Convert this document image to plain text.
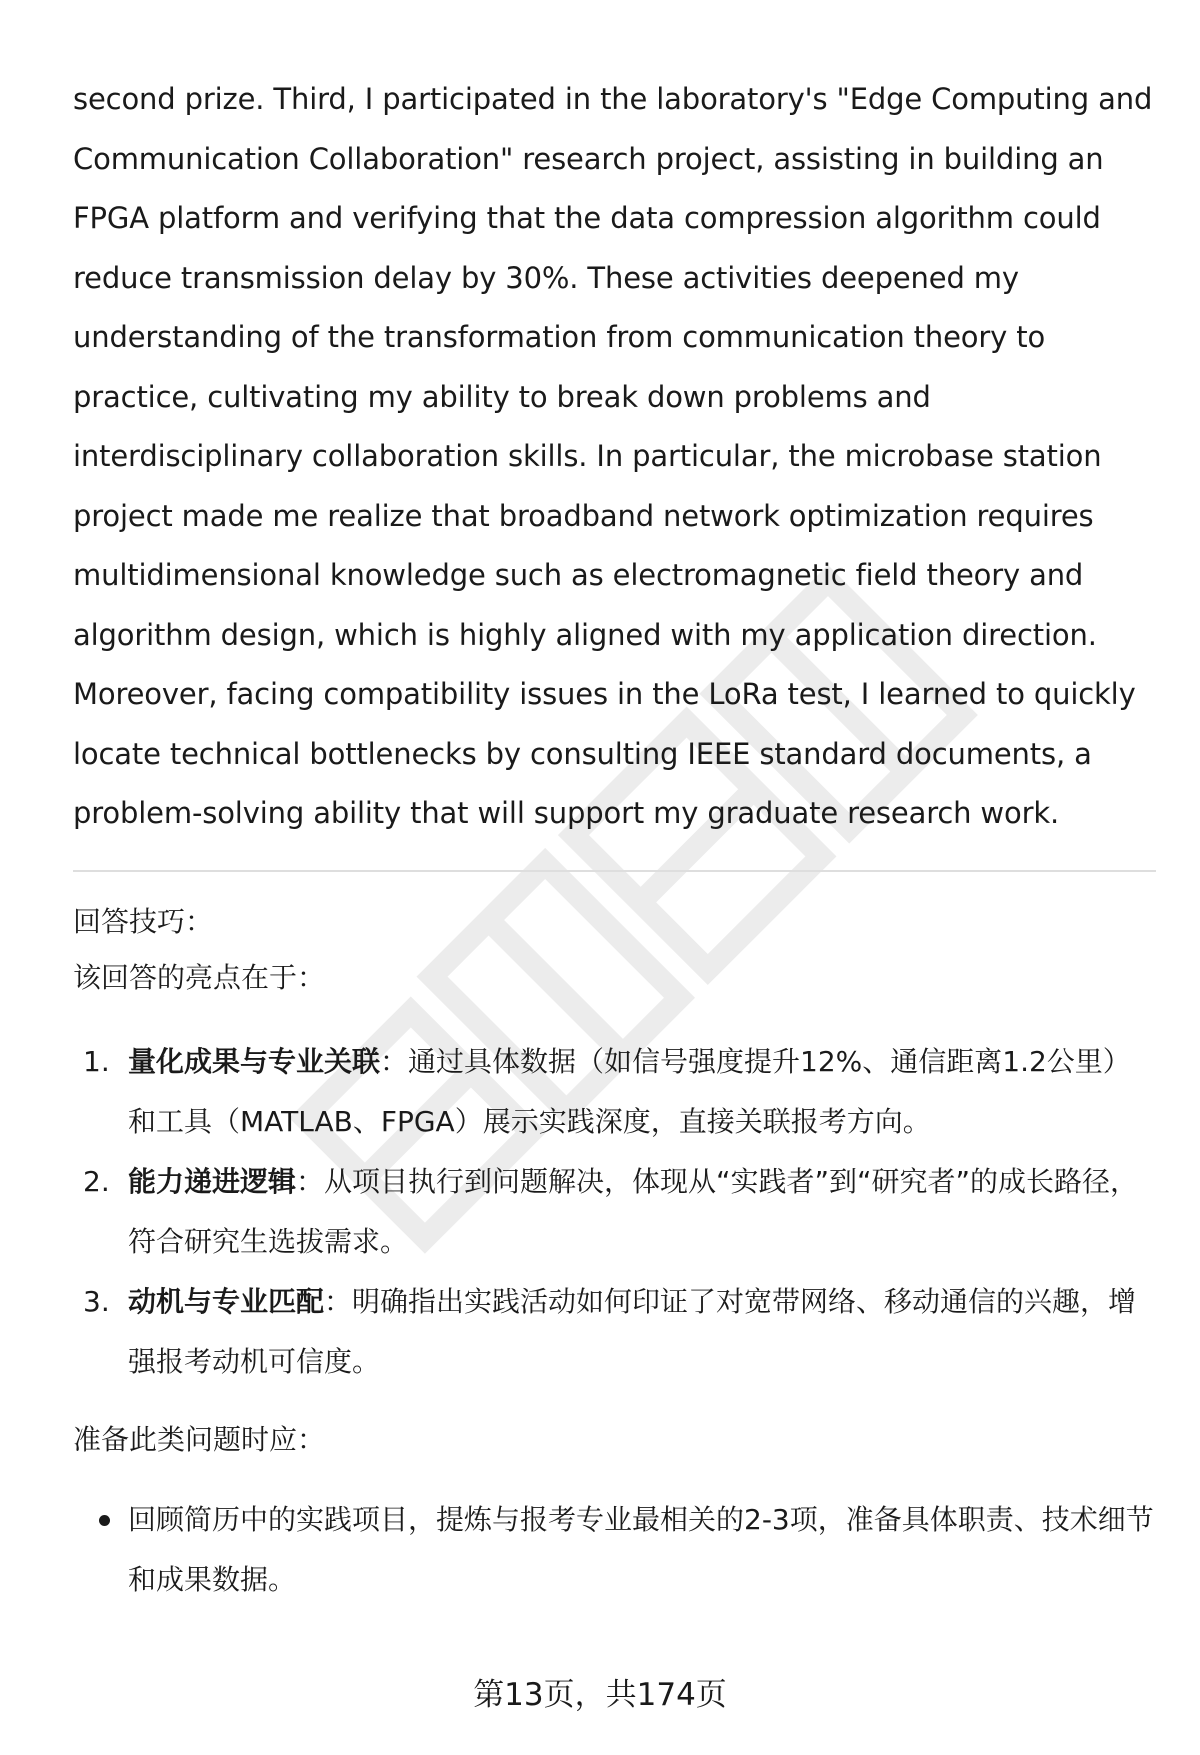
second prize. Third, I participated in the laboratory's "Edge Computing and Communication Collaboration" research project, assisting in building an FPGA platform and verifying that the data compression algorithm could reduce transmission delay by 30%. These activities deepened my understanding of the transformation from communication theory to practice, cultivating my ability to break down problems and interdisciplinary collaboration skills. In particular, the microbase station project made me realize that broadband network optimization requires multidimensional knowledge such as electromagnetic field theory and algorithm design, which is highly aligned with my application direction. Moreover, facing compatibility issues in the LoRa test, I learned to quickly locate technical bottlenecks by consulting IEEE standard documents, a problem-solving ability that will support my graduate research work.

回答技巧：

该回答的亮点在于：

1. 量化成果与专业关联：通过具体数据（如信号强度提升12%、通信距离1.2公里）和工具（MATLAB、FPGA）展示实践深度，直接关联报考方向。
2. 能力递进逻辑：从项目执行到问题解决，体现从“实践者”到“研究者”的成长路径，符合研究生选拔需求。
3. 动机与专业匹配：明确指出实践活动如何印证了对宽带网络、移动通信的兴趣，增强报考动机可信度。

准备此类问题时应：

回顾简历中的实践项目，提炼与报考专业最相关的2-3项，准备具体职责、技术细节和成果数据。
第13页，共174页
